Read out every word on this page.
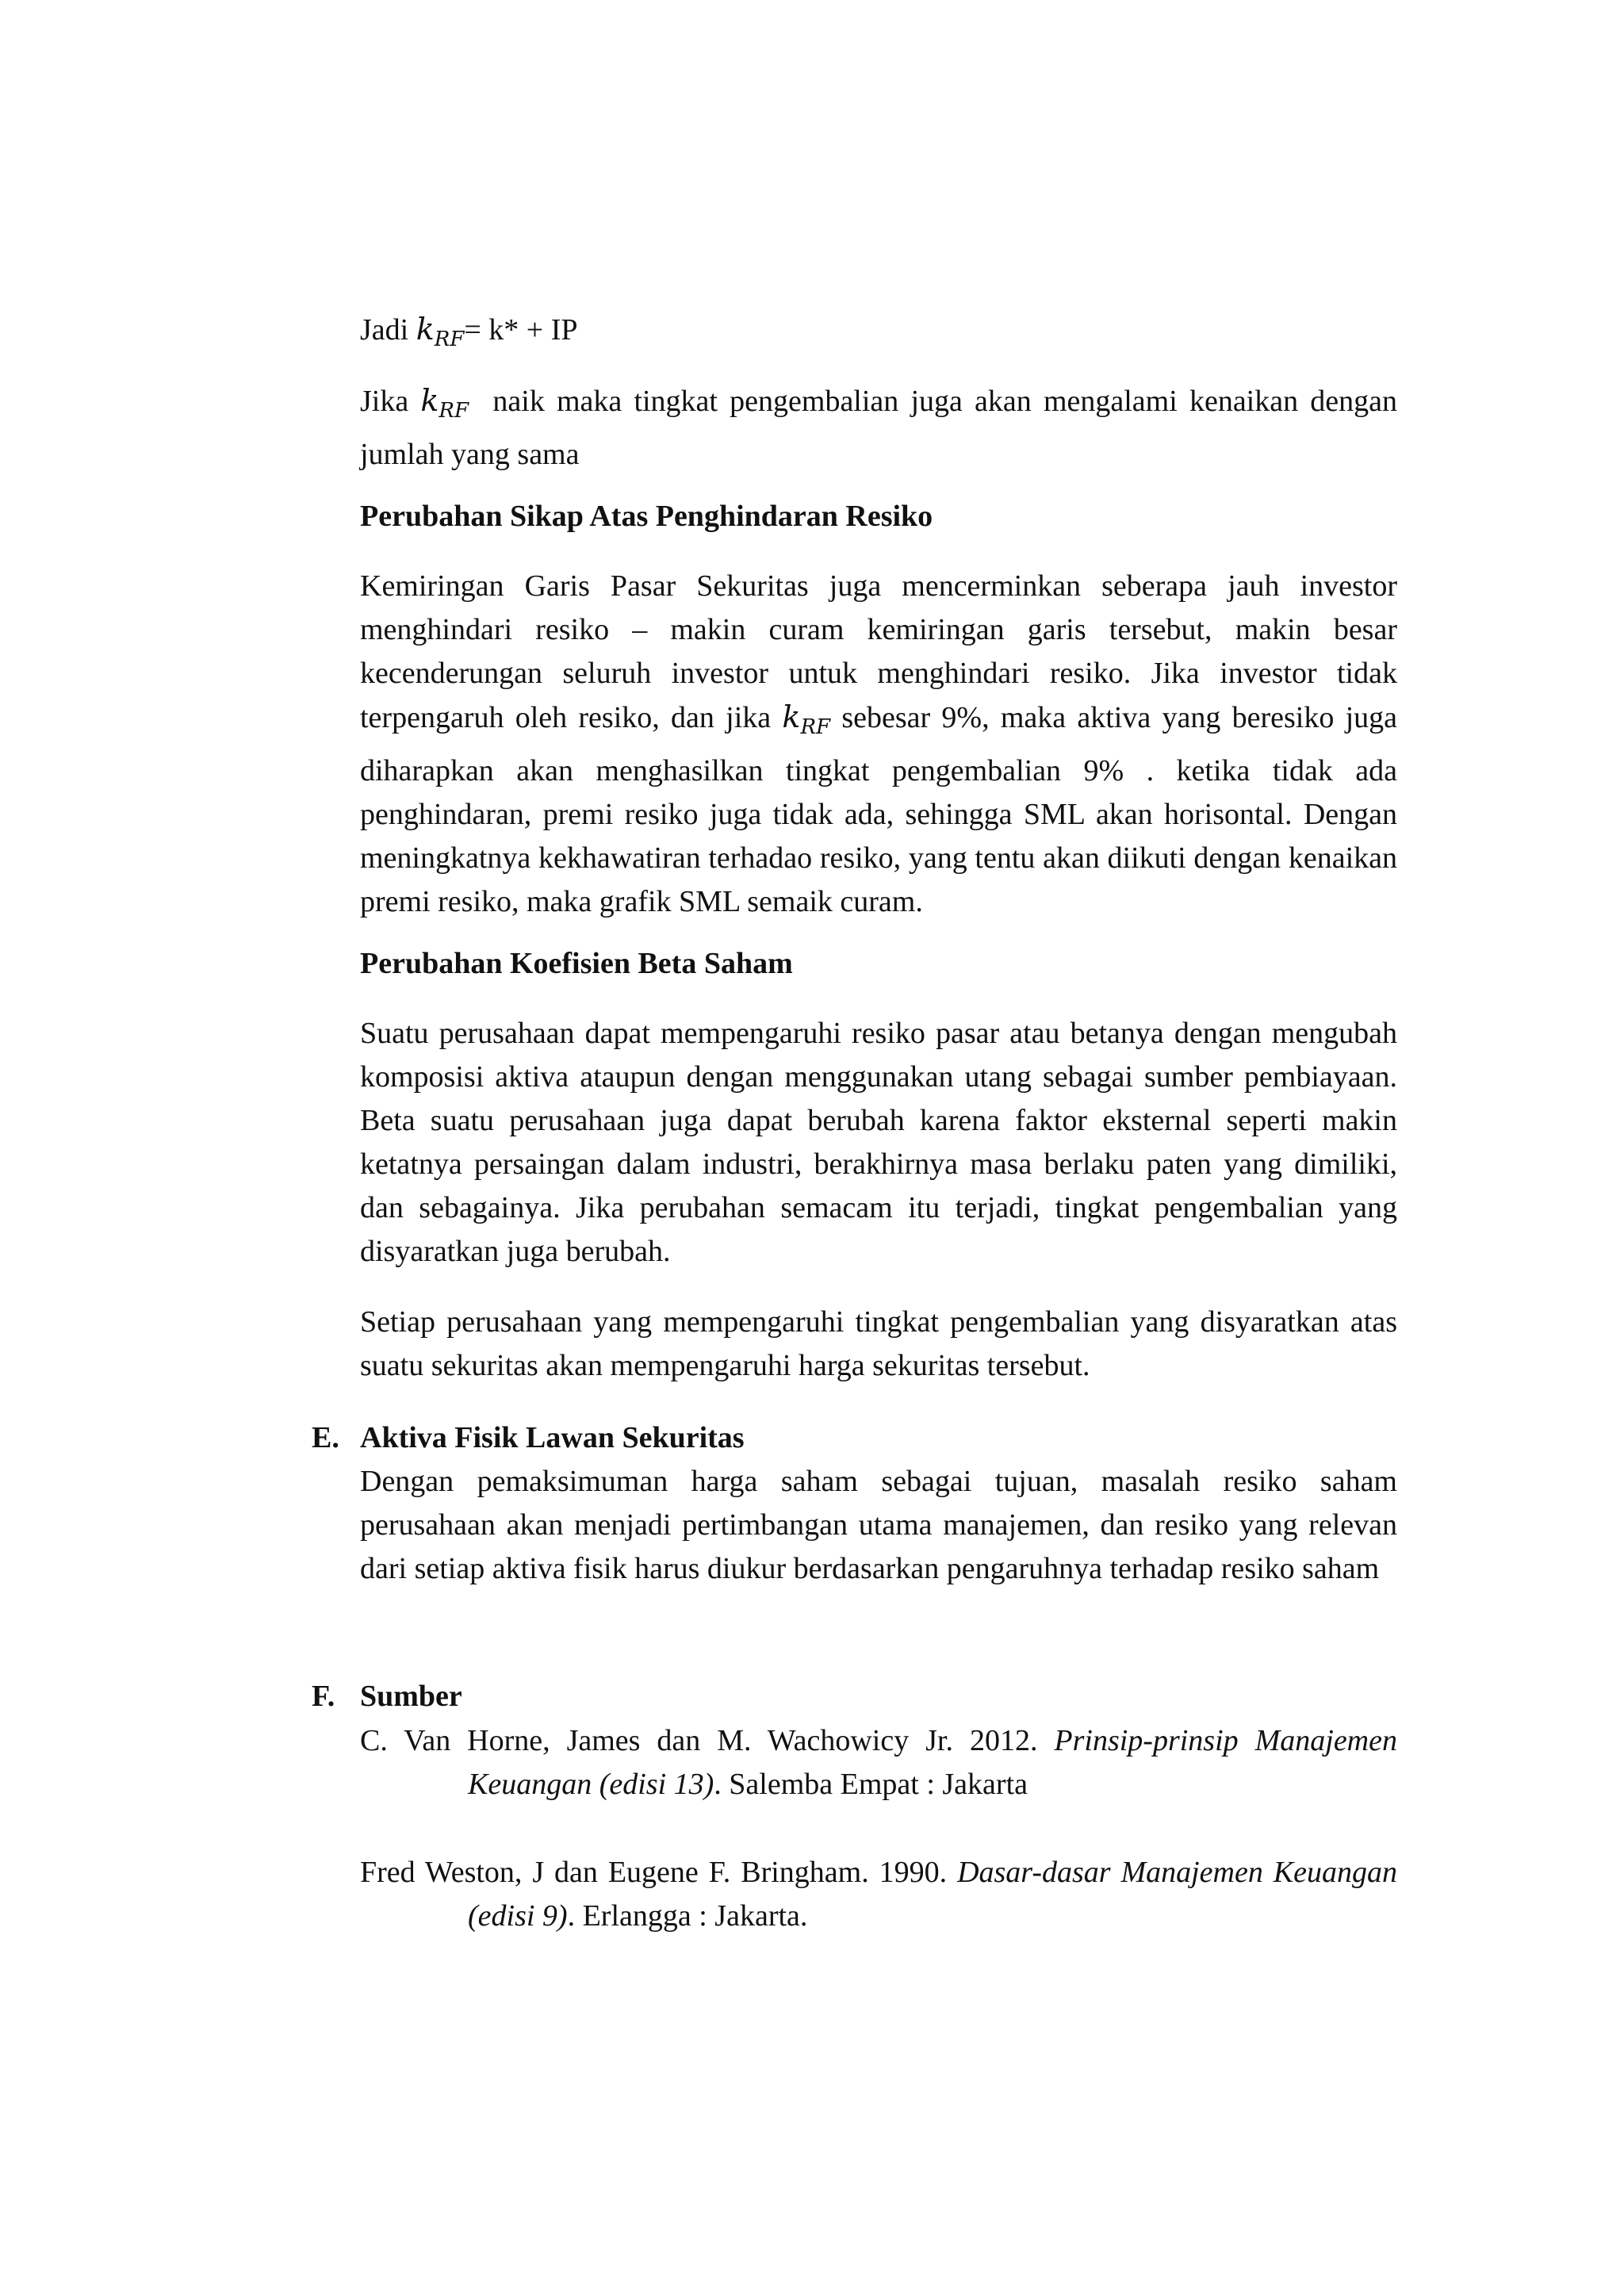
Jadi $k_{RF}= k*$ + IP
Jika $k_{RF}$ naik maka tingkat pengembalian juga akan mengalami kenaikan dengan jumlah yang sama
Perubahan Sikap Atas Penghindaran Resiko
Kemiringan Garis Pasar Sekuritas juga mencerminkan seberapa jauh investor menghindari resiko – makin curam kemiringan garis tersebut, makin besar kecenderungan seluruh investor untuk menghindari resiko. Jika investor tidak terpengaruh oleh resiko, dan jika $k_{RF}$ sebesar 9%, maka aktiva yang beresiko juga diharapkan akan menghasilkan tingkat pengembalian 9% . ketika tidak ada penghindaran, premi resiko juga tidak ada, sehingga SML akan horisontal. Dengan meningkatnya kekhawatiran terhadao resiko, yang tentu akan diikuti dengan kenaikan premi resiko, maka grafik SML semaik curam.
Perubahan Koefisien Beta Saham
Suatu perusahaan dapat mempengaruhi resiko pasar atau betanya dengan mengubah komposisi aktiva ataupun dengan menggunakan utang sebagai sumber pembiayaan. Beta suatu perusahaan juga dapat berubah karena faktor eksternal seperti makin ketatnya persaingan dalam industri, berakhirnya masa berlaku paten yang dimiliki, dan sebagainya. Jika perubahan semacam itu terjadi, tingkat pengembalian yang disyaratkan juga berubah.
Setiap perusahaan yang mempengaruhi tingkat pengembalian yang disyaratkan atas suatu sekuritas akan mempengaruhi harga sekuritas tersebut.
E. Aktiva Fisik Lawan Sekuritas
Dengan pemaksimuman harga saham sebagai tujuan, masalah resiko saham perusahaan akan menjadi pertimbangan utama manajemen, dan resiko yang relevan dari setiap aktiva fisik harus diukur berdasarkan pengaruhnya terhadap resiko saham
F. Sumber
C. Van Horne, James dan M. Wachowicy Jr. 2012. Prinsip-prinsip Manajemen Keuangan (edisi 13). Salemba Empat : Jakarta
Fred Weston, J dan Eugene F. Bringham. 1990. Dasar-dasar Manajemen Keuangan (edisi 9). Erlangga : Jakarta.
